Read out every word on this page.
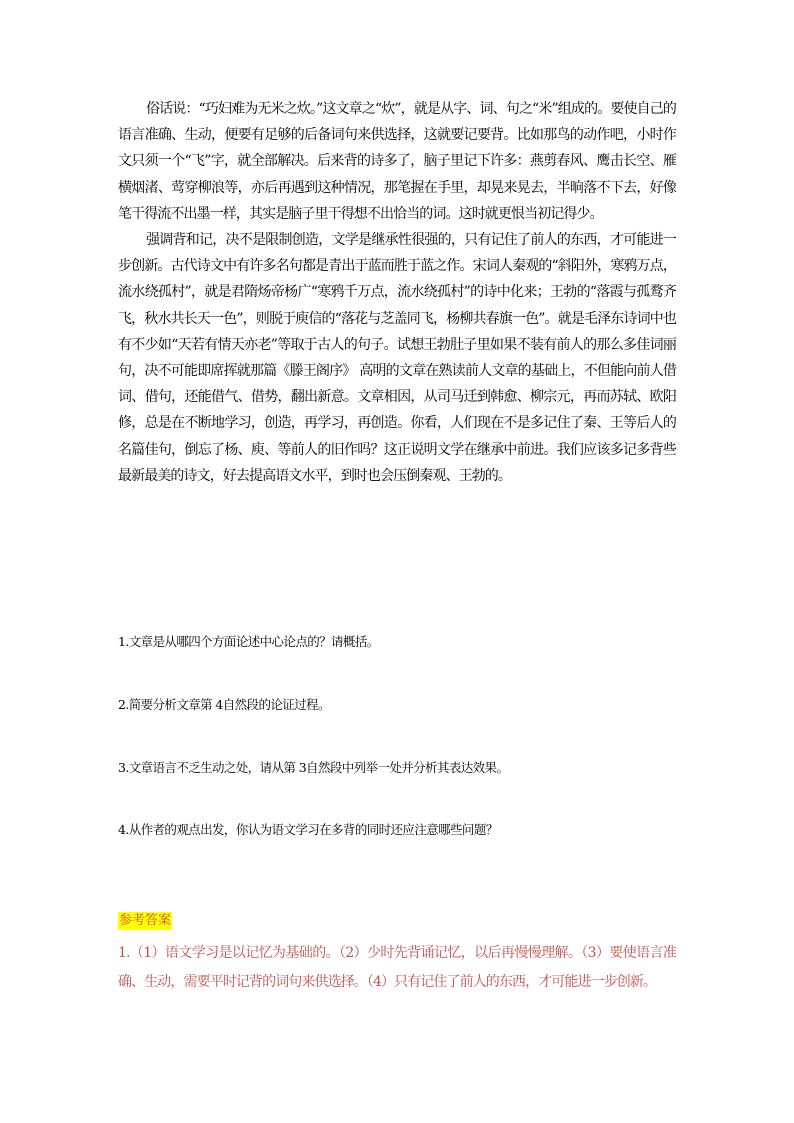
俗话说：“巧妇难为无米之炊。”这文章之“炊”，就是从字、词、句之“米”组成的。要使自己的语言准确、生动，便要有足够的后备词句来供选择，这就要记要背。比如那鸟的动作吧，小时作文只须一个“飞”字，就全部解决。后来背的诗多了，脑子里记下许多：燕剪春风、鹰击长空、雁横烟渚、莺穿柳浪等，亦后再遇到这种情况，那笔握在手里，却晃来晃去，半晌落不下去，好像笔干得流不出墨一样，其实是脑子里干得想不出恰当的词。这时就更恨当初记得少。

强调背和记，决不是限制创造，文学是继承性很强的，只有记住了前人的东西，才可能进一步创新。古代诗文中有许多名句都是青出于蓝而胜于蓝之作。宋词人秦观的“斜阳外，寒鸦万点，流水绕孤村”，就是君隋炀帝杨广“寒鸦千万点，流水绕孤村”的诗中化来；王勃的“落霞与孤鹜齐飞，秋水共长天一色”，则脱于庾信的“落花与芝盖同飞，杨柳共春旗一色”。就是毛泽东诗词中也有不少如“天若有情天亦老”等取于古人的句子。试想王勃肚子里如果不装有前人的那么多佳词丽句，决不可能即席挥就那篇《滕王阁序》 高明的文章在熟读前人文章的基础上，不但能向前人借词、借句，还能借气、借势，翻出新意。文章相因，从司马迁到韩愈、柳宗元，再而苏轼、欧阳修，总是在不断地学习，创造，再学习，再创造。你看，人们现在不是多记住了秦、王等后人的名篇佳句，倒忘了杨、庾、等前人的旧作吗？这正说明文学在继承中前进。我们应该多记多背些最新最美的诗文，好去提高语文水平，到时也会压倒秦观、王勃的。

1.文章是从哪四个方面论述中心论点的？请概括。
2.简要分析文章第 4自然段的论证过程。
3.文章语言不乏生动之处，请从第 3自然段中列举一处并分析其表达效果。
4.从作者的观点出发，你认为语文学习在多背的同时还应注意哪些问题？
参考答案
1.（1）语文学习是以记忆为基础的。（2）少时先背诵记忆，以后再慢慢理解。（3）要使语言准确、生动，需要平时记背的词句来供选择。（4）只有记住了前人的东西，才可能进一步创新。
